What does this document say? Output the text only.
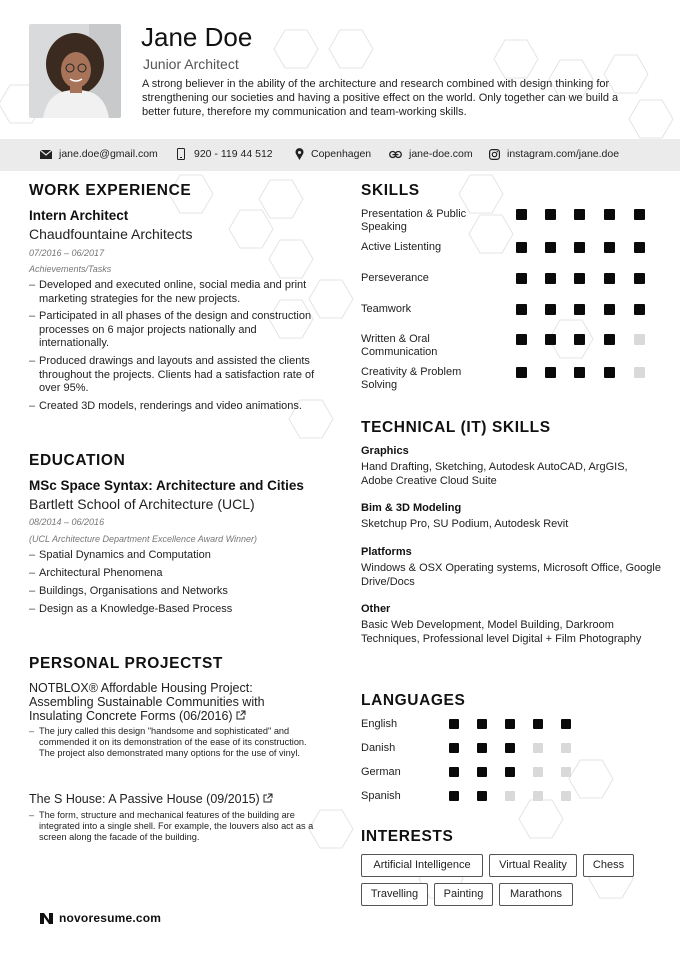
Jane Doe
Junior Architect
A strong believer in the ability of the architecture and research combined with design thinking for strengthening our societies and having a positive effect on the world. Only together can we build a better future, therefore my communication and team-working skills.
jane.doe@gmail.com	920 - 119 44 512	Copenhagen	jane-doe.com	instagram.com/jane.doe
WORK EXPERIENCE
Intern Architect
Chaudfountaine Architects
07/2016 – 06/2017
Achievements/Tasks
– Developed and executed online, social media and print marketing strategies for the new projects.
– Participated in all phases of the design and construction processes on 6 major projects nationally and internationally.
– Produced drawings and layouts and assisted the clients throughout the projects. Clients had a satisfaction rate of over 95%.
– Created 3D models, renderings and video animations.
EDUCATION
MSc Space Syntax: Architecture and Cities
Bartlett School of Architecture (UCL)
08/2014 – 06/2016
(UCL Architecture Department Excellence Award Winner)
– Spatial Dynamics and Computation
– Architectural Phenomena
– Buildings, Organisations and Networks
– Design as a Knowledge-Based Process
PERSONAL PROJECTST
NOTBLOX® Affordable Housing Project: Assembling Sustainable Communities with Insulating Concrete Forms (06/2016)
– The jury called this design "handsome and sophisticated" and commended it on its demonstration of the ease of its construction. The project also demonstrated many options for the use of vinyl.
The S House: A Passive House (09/2015)
– The form, structure and mechanical features of the building are integrated into a single shell. For example, the louvers also act as a screen along the facade of the building.
SKILLS
Presentation & Public Speaking
Active Listenting
Perseverance
Teamwork
Written & Oral Communication
Creativity & Problem Solving
TECHNICAL (IT) SKILLS
Graphics
Hand Drafting, Sketching, Autodesk AutoCAD, ArgGIS, Adobe Creative Cloud Suite
Bim & 3D Modeling
Sketchup Pro, SU Podium, Autodesk Revit
Platforms
Windows & OSX Operating systems, Microsoft Office, Google Drive/Docs
Other
Basic Web Development, Model Building, Darkroom Techniques, Professional level Digital + Film Photography
LANGUAGES
English
Danish
German
Spanish
INTERESTS
Artificial Intelligence	Virtual Reality	Chess
Travelling	Painting	Marathons
novoresume.com
